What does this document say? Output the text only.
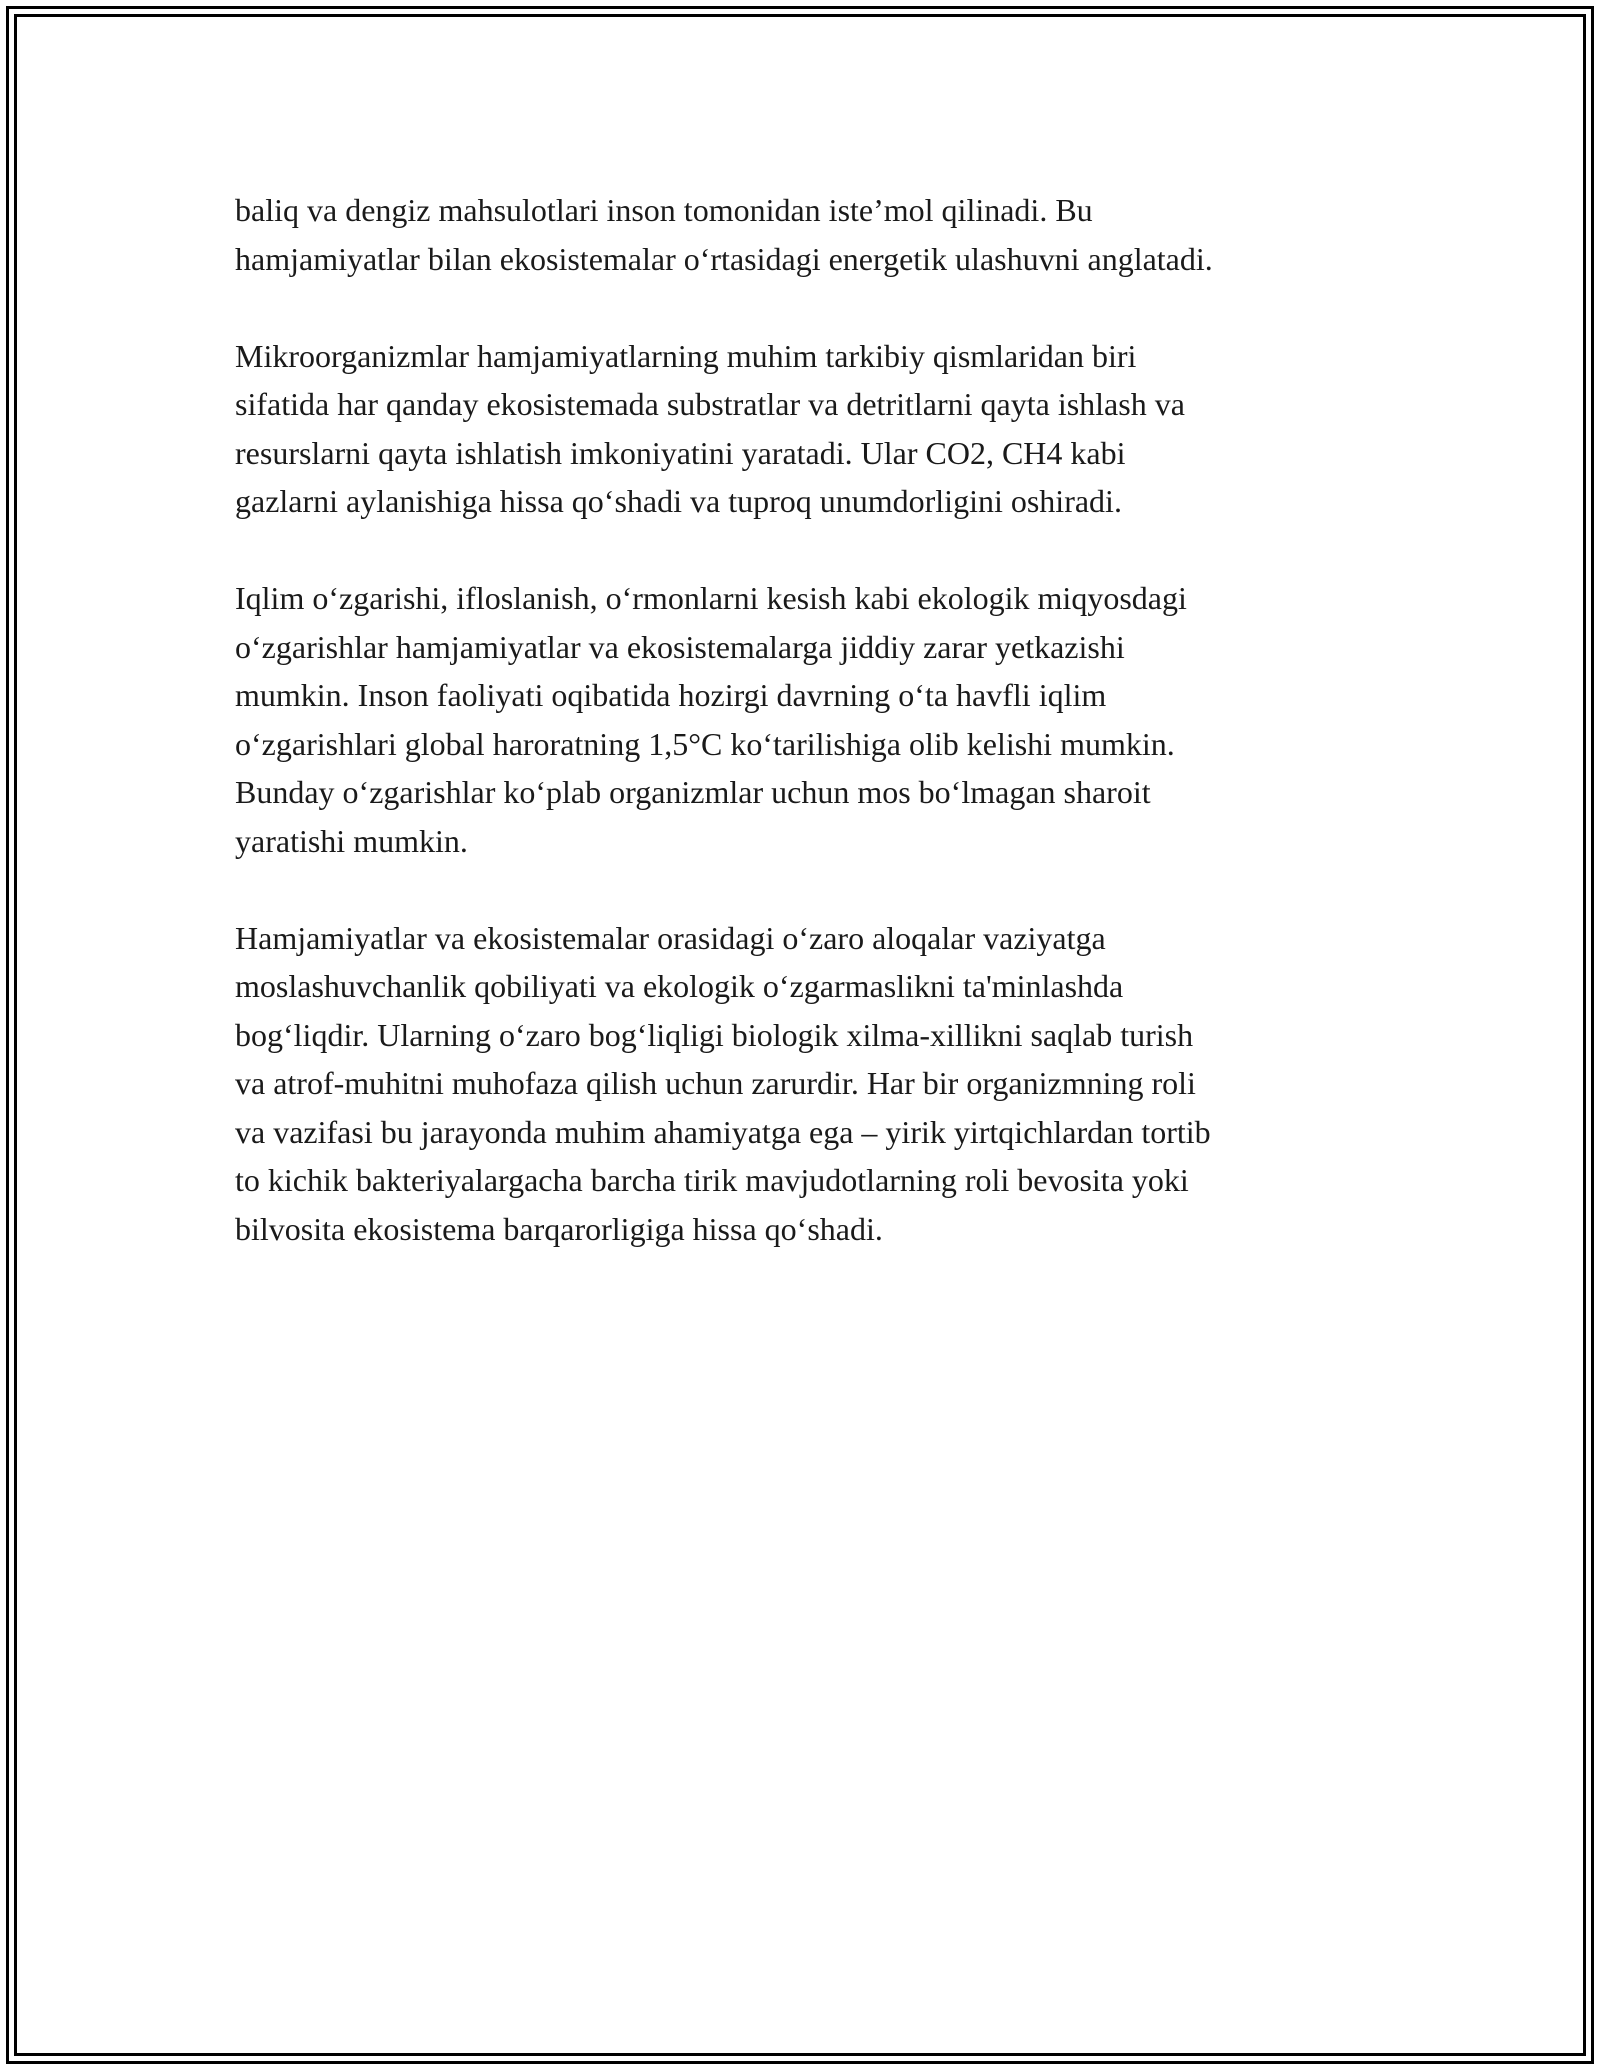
baliq va dengiz mahsulotlari inson tomonidan iste’mol qilinadi. Bu
hamjamiyatlar bilan ekosistemalar oʻrtasidagi energetik ulashuvni anglatadi.

Mikroorganizmlar hamjamiyatlarning muhim tarkibiy qismlaridan biri
sifatida har qanday ekosistemada substratlar va detritlarni qayta ishlash va
resurslarni qayta ishlatish imkoniyatini yaratadi. Ular CO2, CH4 kabi
gazlarni aylanishiga hissa qoʻshadi va tuproq unumdorligini oshiradi.

Iqlim oʻzgarishi, ifloslanish, oʻrmonlarni kesish kabi ekologik miqyosdagi
oʻzgarishlar hamjamiyatlar va ekosistemalarga jiddiy zarar yetkazishi
mumkin. Inson faoliyati oqibatida hozirgi davrning oʻta havfli iqlim
oʻzgarishlari global haroratning 1,5°C koʻtarilishiga olib kelishi mumkin.
Bunday oʻzgarishlar koʻplab organizmlar uchun mos boʻlmagan sharoit
yaratishi mumkin.

Hamjamiyatlar va ekosistemalar orasidagi oʻzaro aloqalar vaziyatga
moslashuvchanlik qobiliyati va ekologik oʻzgarmaslikni ta'minlashda
bogʻliqdir. Ularning oʻzaro bogʻliqligi biologik xilma-xillikni saqlab turish
va atrof-muhitni muhofaza qilish uchun zarurdir. Har bir organizmning roli
va vazifasi bu jarayonda muhim ahamiyatga ega – yirik yirtqichlardan tortib
to kichik bakteriyalargacha barcha tirik mavjudotlarning roli bevosita yoki
bilvosita ekosistema barqarorligiga hissa qoʻshadi.
